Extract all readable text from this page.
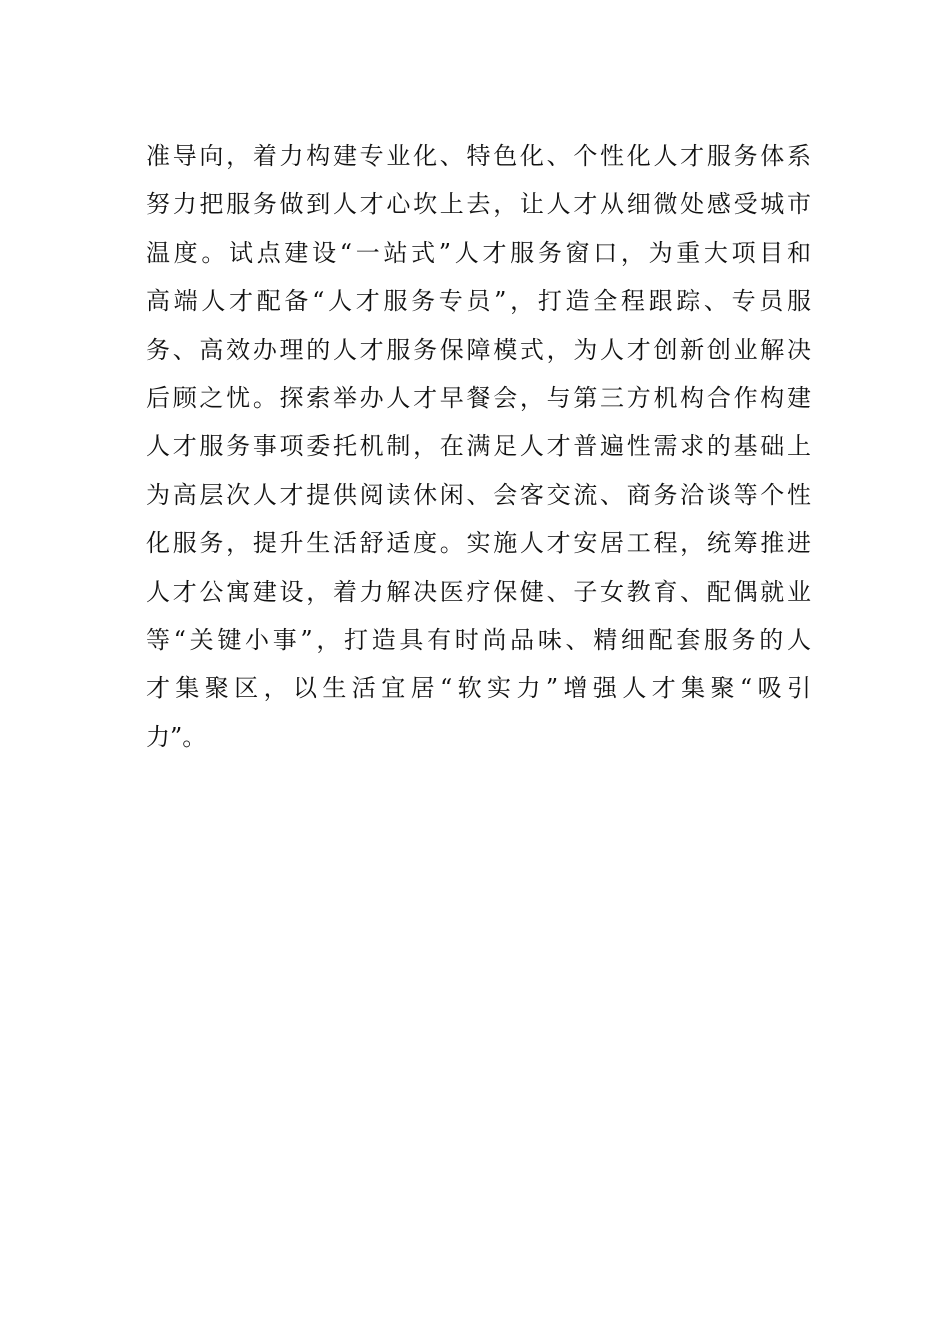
准导向，着力构建专业化、特色化、个性化人才服务体系
努力把服务做到人才心坎上去，让人才从细微处感受城市
温度。试点建设“一站式”人才服务窗口，为重大项目和
高端人才配备“人才服务专员”，打造全程跟踪、专员服
务、高效办理的人才服务保障模式，为人才创新创业解决
后顾之忧。探索举办人才早餐会，与第三方机构合作构建
人才服务事项委托机制，在满足人才普遍性需求的基础上
为高层次人才提供阅读休闲、会客交流、商务洽谈等个性
化服务，提升生活舒适度。实施人才安居工程，统筹推进
人才公寓建设，着力解决医疗保健、子女教育、配偶就业
等“关键小事”，打造具有时尚品味、精细配套服务的人
才集聚区，以生活宜居“软实力”增强人才集聚“吸引
力”。
